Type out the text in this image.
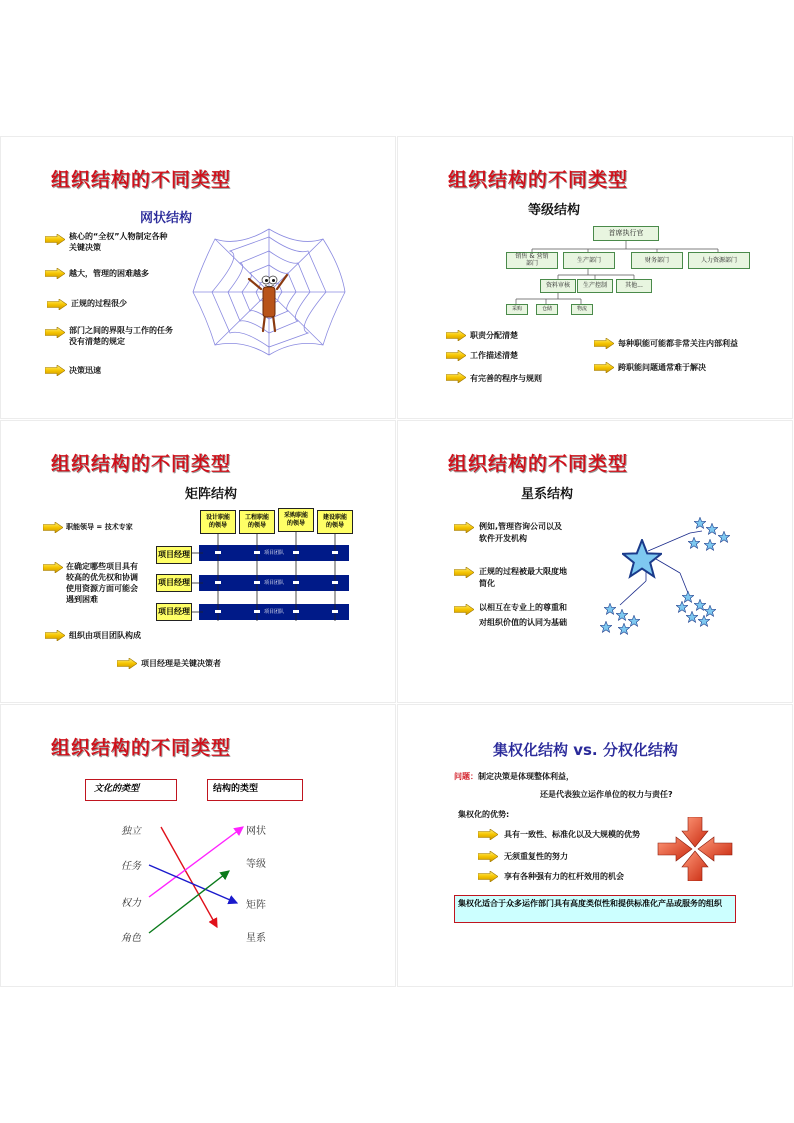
组织结构的不同类型
网状结构
核心的“全权”人物制定各种
关键决策
越大，管理的困难越多
正规的过程很少
部门之间的界限与工作的任务
没有清楚的规定
决策迅速
组织结构的不同类型
等级结构
首席执行官
销售 & 营销
部门	生产部门	财务部门	人力资源部门
资料审核	生产控制	其他...
采购	仓储	物流
职责分配清楚
工作描述清楚
有完善的程序与规则
每种职能可能都非常关注内部利益
跨职能问题通常难于解决
组织结构的不同类型
矩阵结构
设计职能
的领导
工程职能
的领导
采购职能
的领导
建设职能
的领导
项目团队
项目团队
项目团队
项目经理
项目经理
项目经理
职能领导 = 技术专家
在确定哪些项目具有
较高的优先权和协调
使用资源方面可能会
遇到困难
组织由项目团队构成
项目经理是关键决策者
组织结构的不同类型
星系结构
例如,管理咨询公司以及
软件开发机构
正规的过程被最大限度地
简化
以相互在专业上的尊重和
对组织价值的认同为基础
组织结构的不同类型
文化的类型	结构的类型
独立
任务
权力
角色
网状
等级
矩阵
星系
集权化结构 vs. 分权化结构
问题：制定决策是体现整体利益，
还是代表独立运作单位的权力与责任?
集权化的优势:
具有一致性、标准化以及大规模的优势
无须重复性的努力
享有各种强有力的杠杆效用的机会
集权化适合于众多运作部门具有高度类似性和提供标准化产品或服务的组织
